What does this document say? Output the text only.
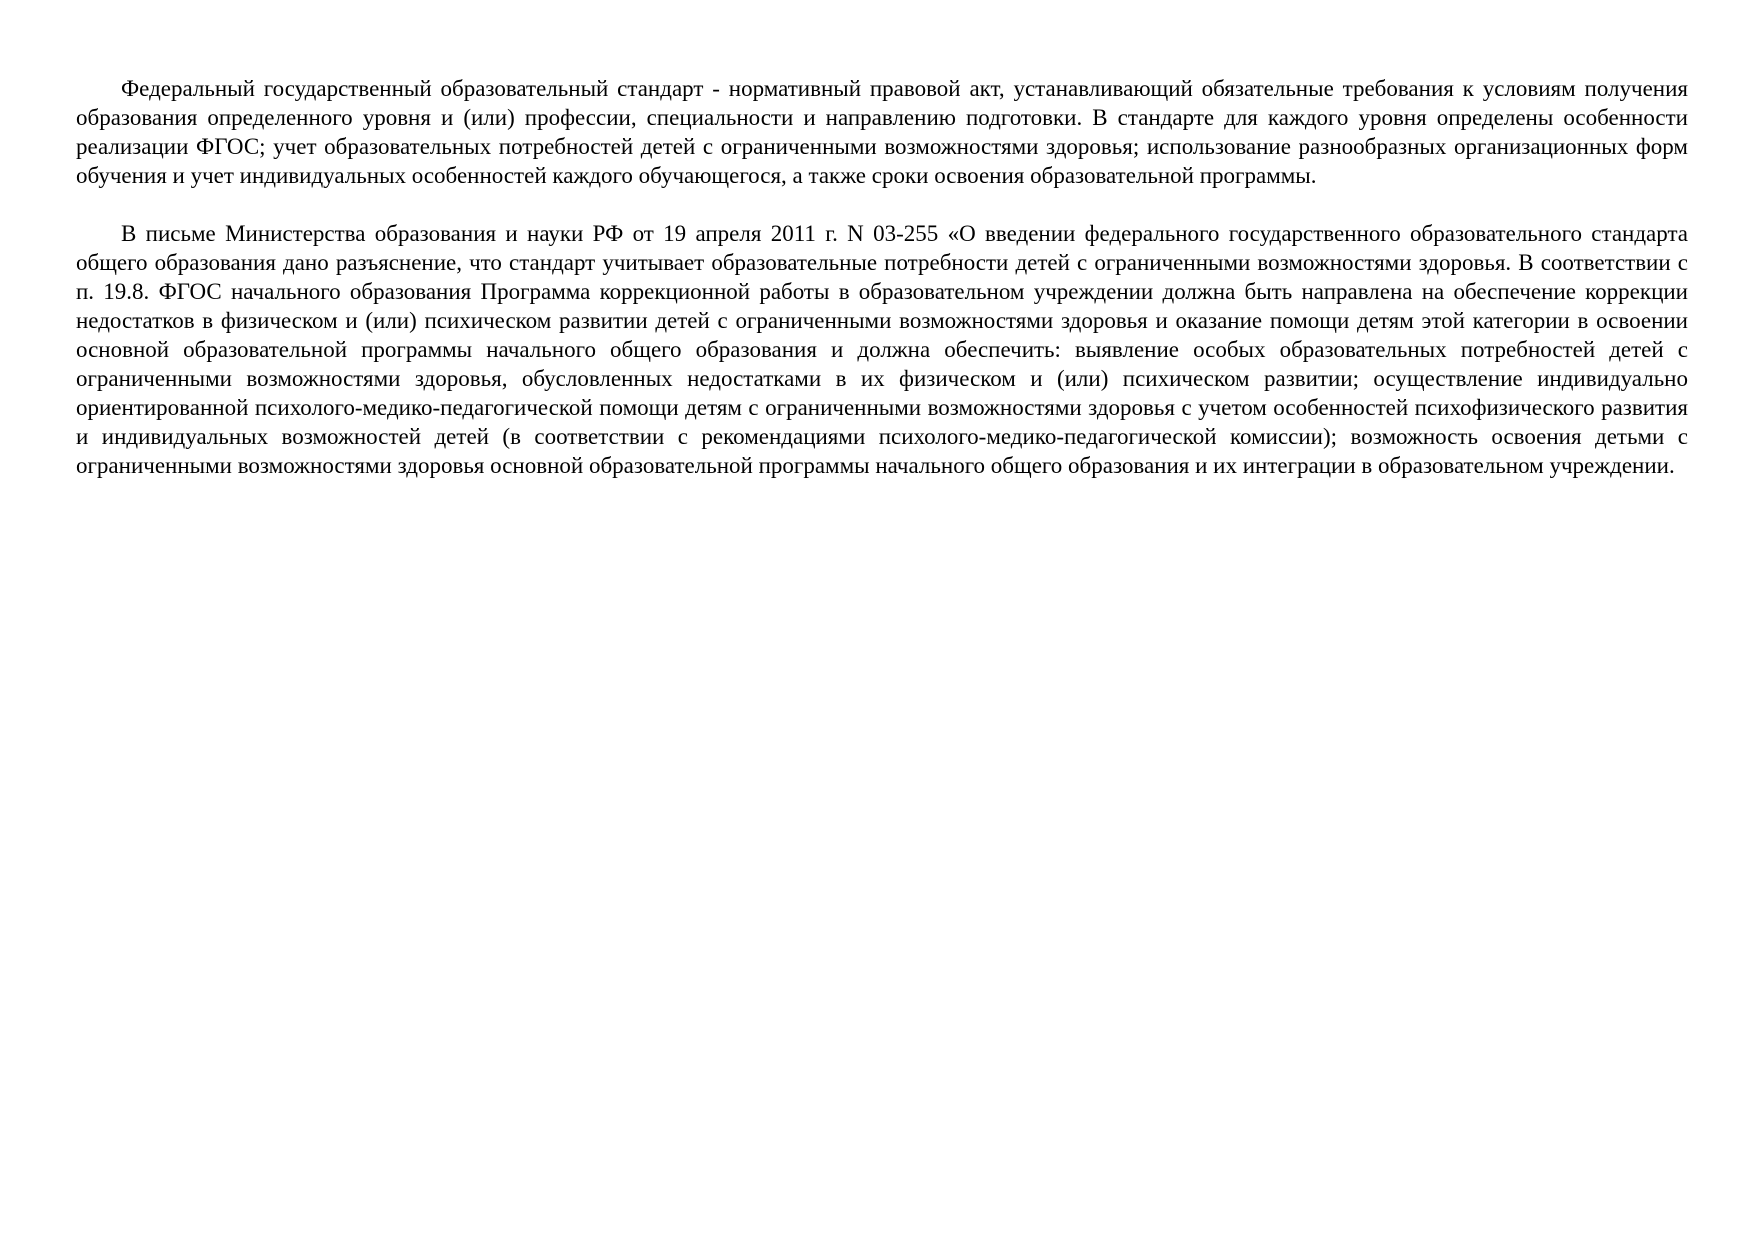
Федеральный государственный образовательный стандарт - нормативный правовой акт, устанавливающий обязательные требования к условиям получения образования определенного уровня и (или) профессии, специальности и направлению подготовки. В стандарте для каждого уровня определены особенности реализации ФГОС; учет образовательных потребностей детей с ограниченными возможностями здоровья; использование разнообразных организационных форм обучения и учет индивидуальных особенностей каждого обучающегося, а также сроки освоения образовательной программы.

В письме Министерства образования и науки РФ от 19 апреля 2011 г. N 03-255 «О введении федерального государственного образовательного стандарта общего образования дано разъяснение, что стандарт учитывает образовательные потребности детей с ограниченными возможностями здоровья. В соответствии с п. 19.8. ФГОС начального образования Программа коррекционной работы в образовательном учреждении должна быть направлена на обеспечение коррекции недостатков в физическом и (или) психическом развитии детей с ограниченными возможностями здоровья и оказание помощи детям этой категории в освоении основной образовательной программы начального общего образования и должна обеспечить: выявление особых образовательных потребностей детей с ограниченными возможностями здоровья, обусловленных недостатками в их физическом и (или) психическом развитии; осуществление индивидуально ориентированной психолого-медико-педагогической помощи детям с ограниченными возможностями здоровья с учетом особенностей психофизического развития и индивидуальных возможностей детей (в соответствии с рекомендациями психолого-медико-педагогической комиссии); возможность освоения детьми с ограниченными возможностями здоровья основной образовательной программы начального общего образования и их интеграции в образовательном учреждении.
